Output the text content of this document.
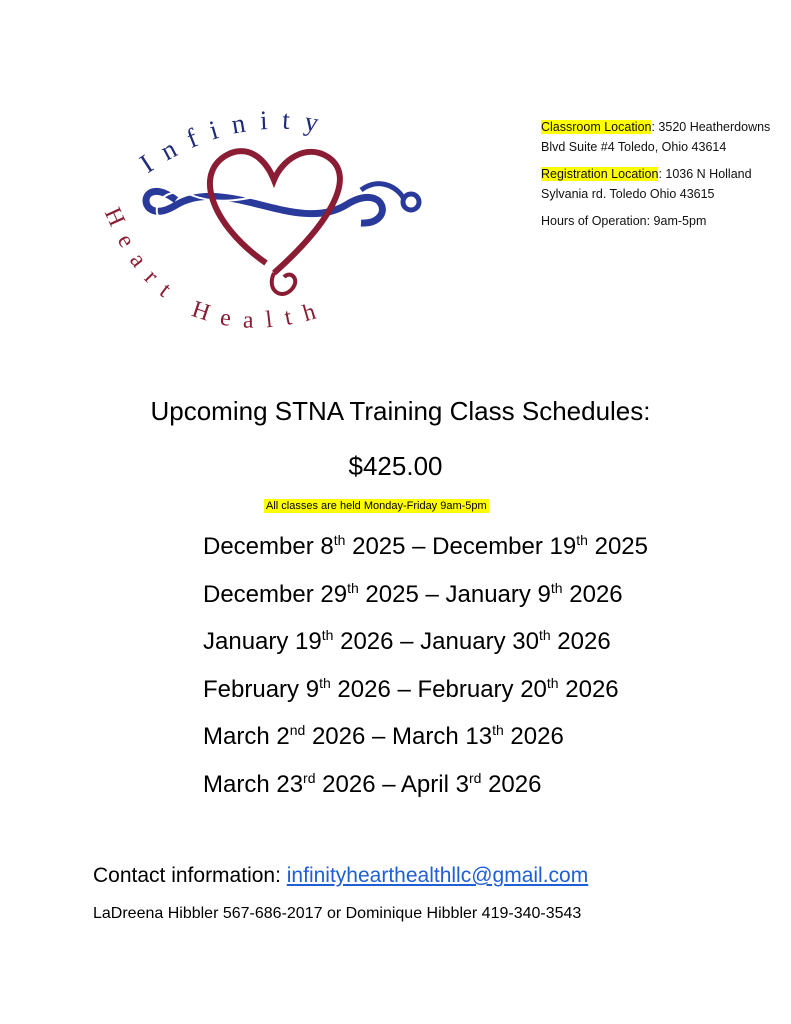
Infinity
Heart Health

Classroom Location: 3520 Heatherdowns Blvd Suite #4 Toledo, Ohio 43614

Registration Location: 1036 N Holland Sylvania rd. Toledo Ohio 43615

Hours of Operation: 9am-5pm

Upcoming STNA Training Class Schedules:
$425.00
All classes are held Monday-Friday 9am-5pm
December 8th 2025 – December 19th 2025
December 29th 2025 – January 9th 2026
January 19th 2026 – January 30th 2026
February 9th 2026 – February 20th 2026
March 2nd 2026 – March 13th 2026
March 23rd 2026 – April 3rd 2026
Contact information: infinityhearthealthllc@gmail.com
LaDreena Hibbler 567-686-2017 or Dominique Hibbler 419-340-3543
